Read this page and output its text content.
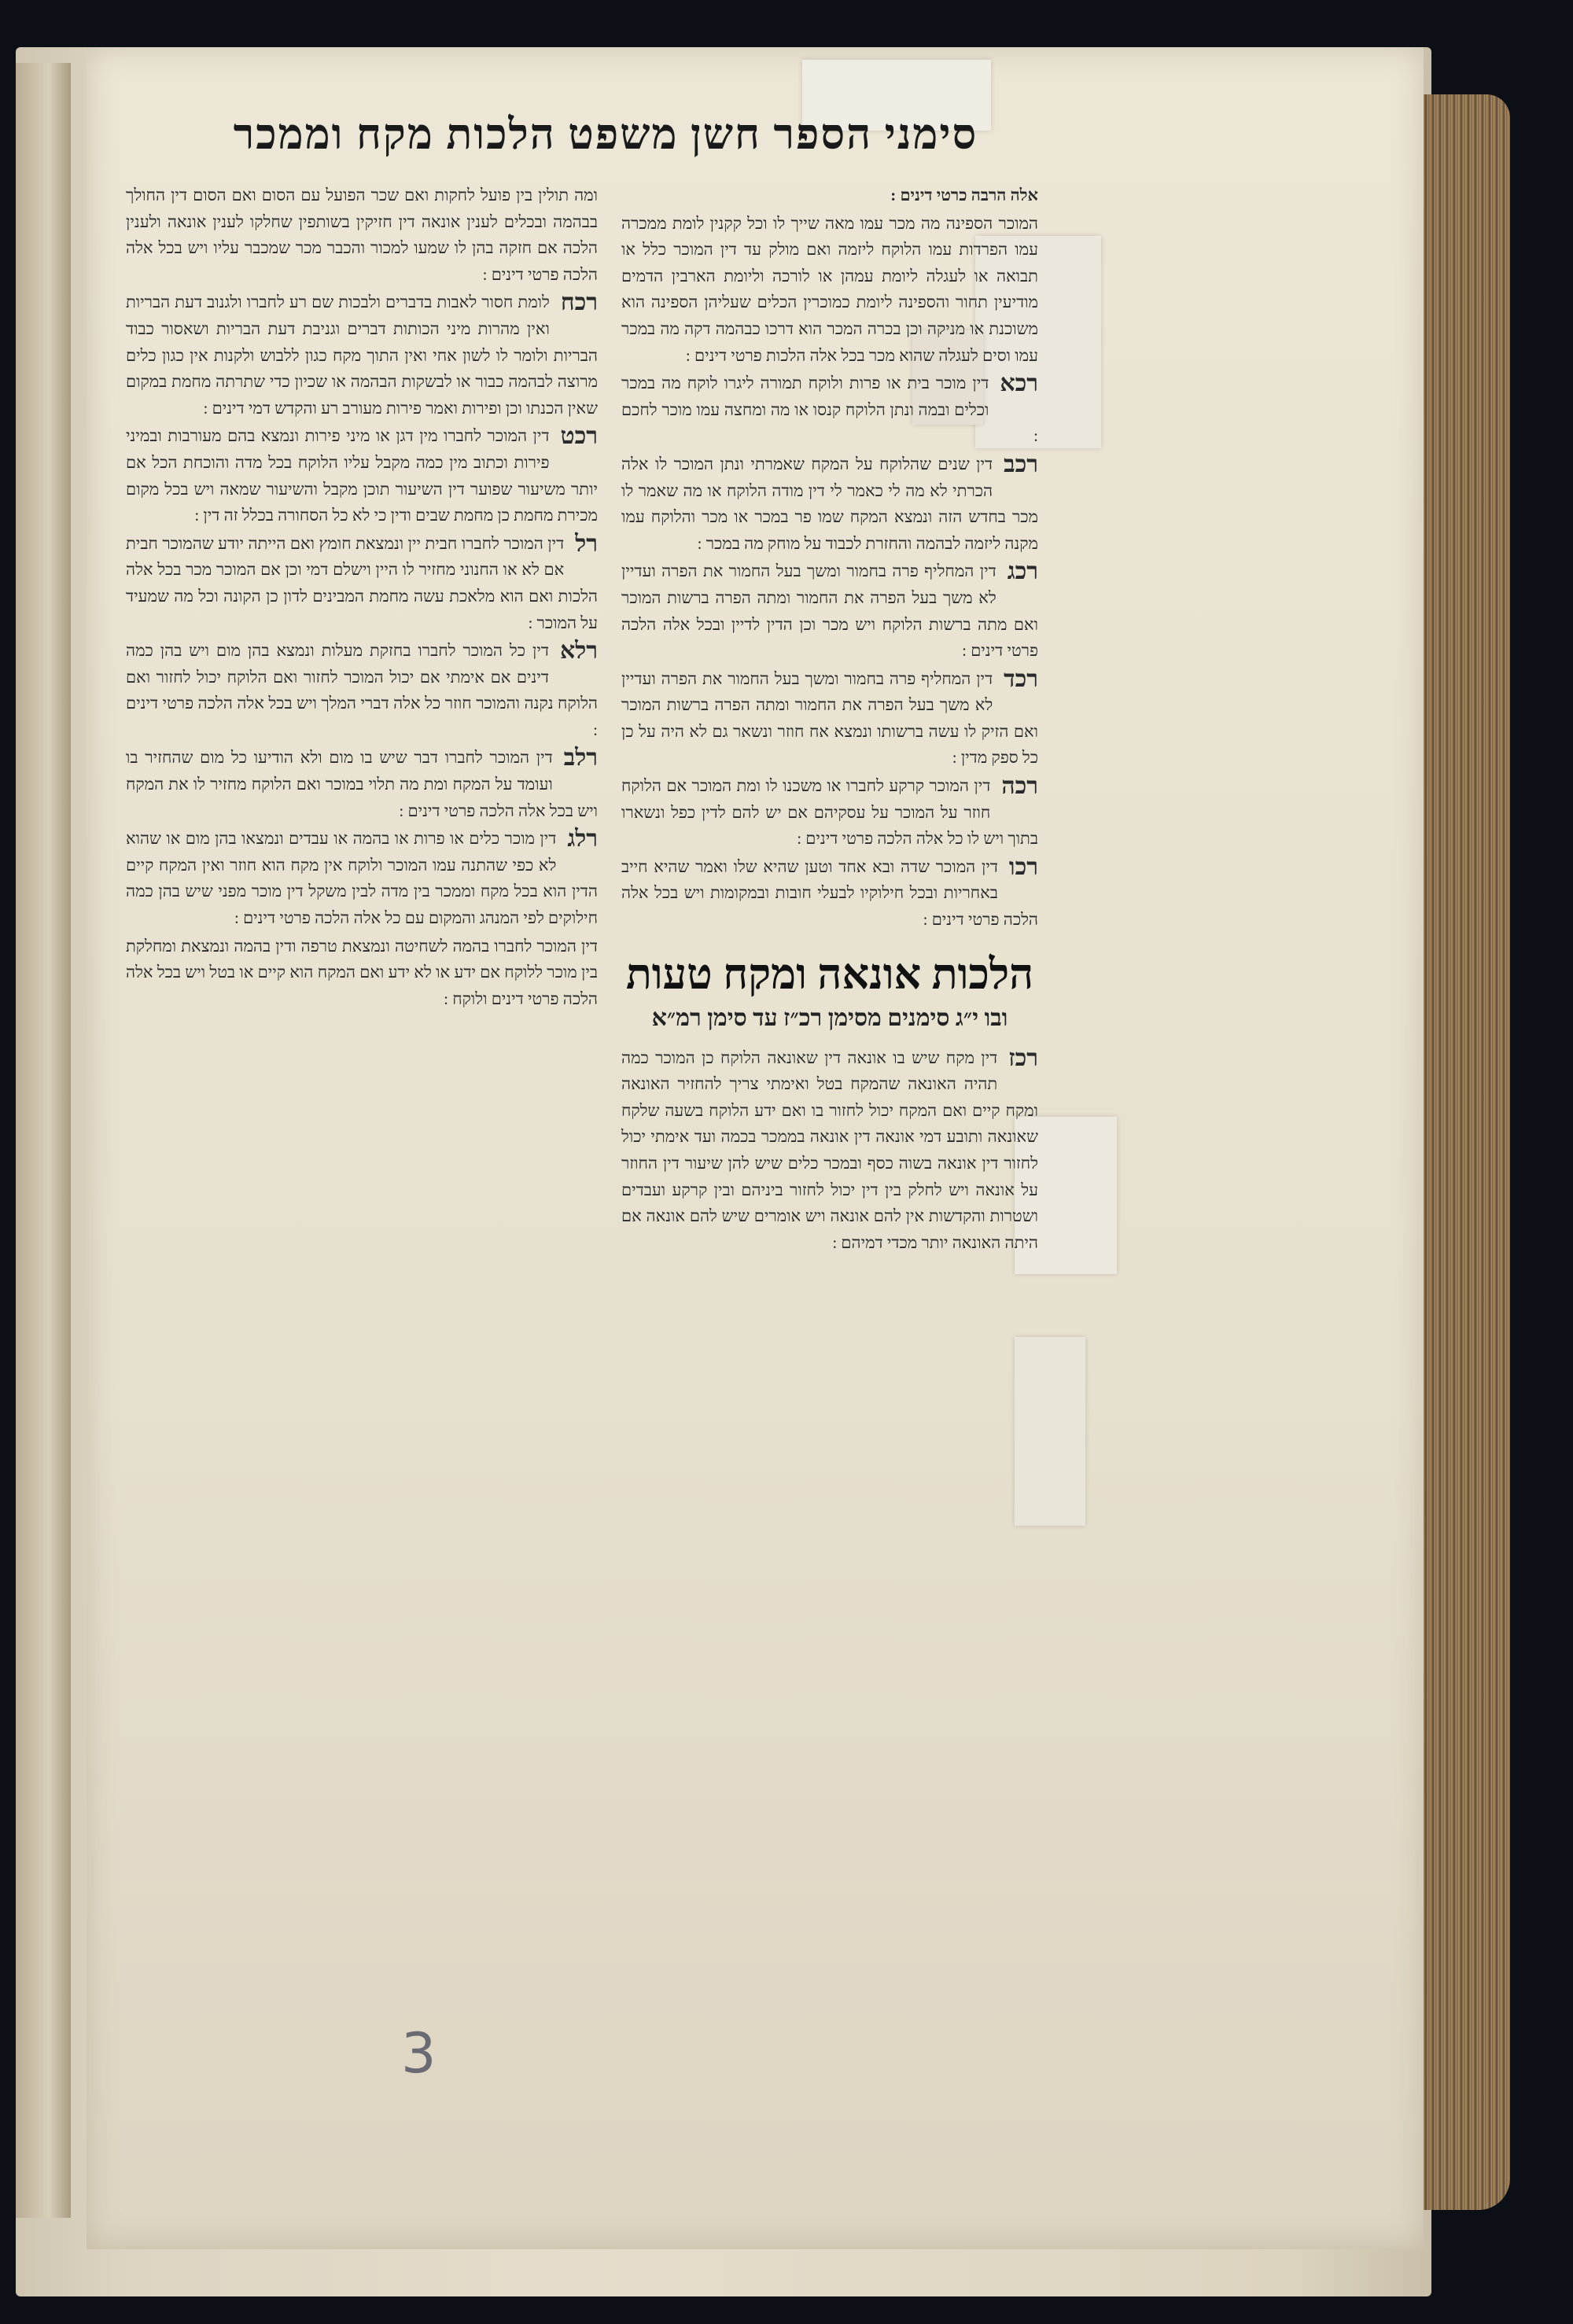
סימני הספר חשן משפט הלכות מקח וממכר

אלה הרבה כרטי דינים :

המוכר הספינה מה מכר עמו מאה שייך לו וכל קקנין לומת ממכרה עמו הפרדות עמו הלוקח ליזמה ואם מולק עד דין המוכר כלל או תבואה או לעגלה ליומת עמהן או לורכה וליומת הארבין הדמים מודיעין תחור והספינה ליומת כמוכרין הכלים שעליהן הספינה הוא משוכנת או מניקה וכן בכרה המכר הוא דרכו כבהמה דקה מה במכר עמו וסים לעגלה שהוא מכר בכל אלה הלכות פרטי דינים :

רכא
דין מוכר בית או פרות ולוקח תמורה ליגרו לוקח מה במכר וכלים ובמה ונתן הלוקח קנסו או מה ומחצה עמו מוכר לחכם :

רכב
דין שנים שהלוקח על המקח שאמרתי ונתן המוכר לו אלה הכרתי לא מה לי כאמר לי דין מודה הלוקח או מה שאמר לו מכר בחדש הזה ונמצא המקח שמו פר במכר או מכר והלוקח עמו מקנה ליזמה לבהמה והחזרת לכבוד על מוחק מה במכר :

רכג
דין המחליף פרה בחמור ומשך בעל החמור את הפרה ועדיין לא משך בעל הפרה את החמור ומתה הפרה ברשות המוכר ואם מתה ברשות הלוקח ויש מכר וכן הדין לדיין ובכל אלה הלכה פרטי דינים :

רכד
דין המחליף פרה בחמור ומשך בעל החמור את הפרה ועדיין לא משך בעל הפרה את החמור ומתה הפרה ברשות המוכר ואם הזיק לו עשה ברשותו ונמצא אח חוזר ונשאר גם לא היה על כן כל ספק מדין :

רכה
דין המוכר קרקע לחברו או משכנו לו ומת המוכר אם הלוקח חוזר על המוכר על עסקיהם אם יש להם לדין כפל ונשארו בתוך ויש לו כל אלה הלכה פרטי דינים :

רכו
דין המוכר שדה ובא אחד וטען שהיא שלו ואמר שהיא חייב באחריות ובכל חילוקיו לבעלי חובות ובמקומות ויש בכל אלה הלכה פרטי דינים :

הלכות אונאה ומקח טעות
ובו י״ג סימנים מסימן רכ״ז עד סימן רמ״א

רכז
דין מקח שיש בו אונאה דין שאונאה הלוקח כן המוכר כמה תהיה האונאה שהמקח בטל ואימתי צריך להחזיר האונאה ומקח קיים ואם המקח יכול לחזור בו ואם ידע הלוקח בשעה שלקח שאונאה ותובע דמי אונאה דין אונאה בממכר בכמה ועד אימתי יכול לחזור דין אונאה בשוה כסף ובמכר כלים שיש להן שיעור דין החוזר על אונאה ויש לחלק בין דין יכול לחזור ביניהם ובין קרקע ועבדים ושטרות והקדשות אין להם אונאה ויש אומרים שיש להם אונאה אם היתה האונאה יותר מכדי דמיהם :

ומה תולין בין פועל לחקות ואם שכר הפועל עם הסום ואם הסום דין החולך בבהמה ובכלים לענין אונאה דין חזיקין בשותפין שחלקו לענין אונאה ולענין הלכה אם חזקה בהן לו שמעו למכור והכבר מכר שמכבר עליו ויש בכל אלה הלכה פרטי דינים :

רכח
לומת חסור לאבות בדברים ולבכות שם רע לחברו ולגנוב דעת הבריות ואין מהרות מיני הכותות דברים וגניבת דעת הבריות ושאסור כבוד הבריות ולומר לו לשון אחי ואין התוך מקח כגון ללבוש ולקנות אין כגון כלים מרוצה לבהמה כבור או לבשקות הבהמה או שכיון כדי שתרתה מחמת במקום שאין הכנתו וכן ופירות ואמר פירות מעורב רע והקדש דמי דינים :

רכט
דין המוכר לחברו מין דגן או מיני פירות ונמצא בהם מעורבות ובמיני פירות וכתוב מין כמה מקבל עליו הלוקח בכל מדה והוכחת הכל אם יותר משיעור שפוער דין השיעור תוכן מקבל והשיעור שמאה ויש בכל מקום מכירת מחמת כן מחמת שבים ודין כי לא כל הסחורה בכלל זה דין :

רל
דין המוכר לחברו חבית יין ונמצאת חומץ ואם הייתה יודע שהמוכר חבית אם לא או החנוני מחזיר לו היין וישלם דמי וכן אם המוכר מכר בכל אלה הלכות ואם הוא מלאכת עשה מחמת המבינים לדון כן הקונה וכל מה שמעיד על המוכר :

רלא
דין כל המוכר לחברו בחזקת מעלות ונמצא בהן מום ויש בהן כמה דינים אם אימתי אם יכול המוכר לחזור ואם הלוקח יכול לחזור ואם הלוקח נקנה והמוכר חוזר כל אלה דברי המלך ויש בכל אלה הלכה פרטי דינים :

רלב
דין המוכר לחברו דבר שיש בו מום ולא הודיעו כל מום שהחזיר בו ועומד על המקח ומת מה תלוי במוכר ואם הלוקח מחזיר לו את המקח ויש בכל אלה הלכה פרטי דינים :

רלג
דין מוכר כלים או פרות או בהמה או עבדים ונמצאו בהן מום או שהוא לא כפי שהתנה עמו המוכר ולוקח אין מקח הוא חוזר ואין המקח קיים הדין הוא בכל מקח וממכר בין מדה לבין משקל דין מוכר מפני שיש בהן כמה חילוקים לפי המנהג והמקום עם כל אלה הלכה פרטי דינים :

דין המוכר לחברו בהמה לשחיטה ונמצאת טרפה ודין בהמה ונמצאת ומחלקת בין מוכר ללוקח אם ידע או לא ידע ואם המקח הוא קיים או בטל ויש בכל אלה הלכה פרטי דינים ולוקח :

3
